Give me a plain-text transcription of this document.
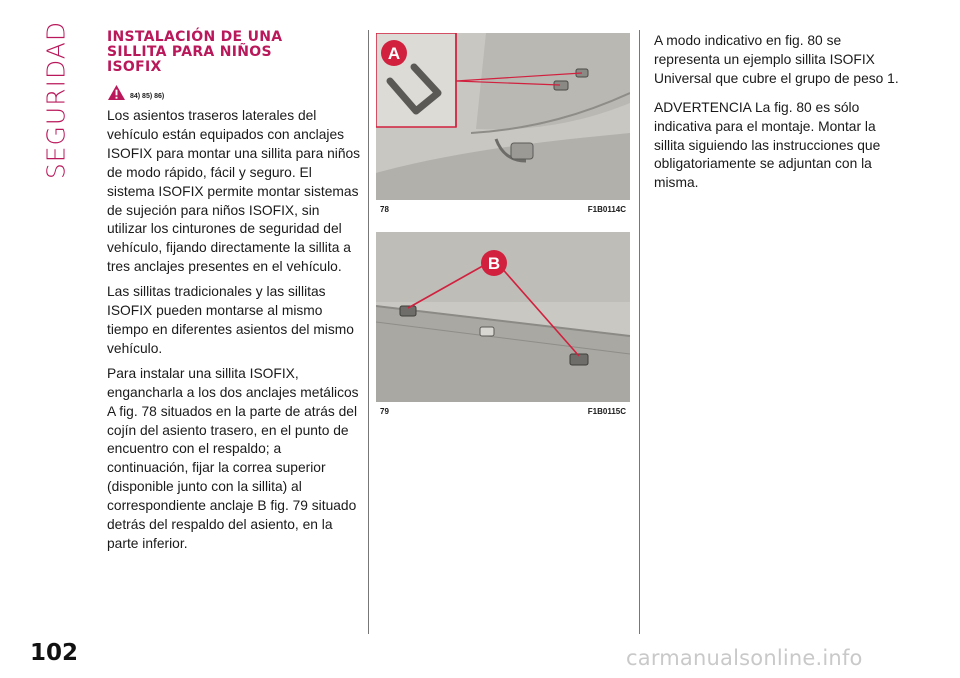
SEGURIDAD	INSTALACIÓN DE UNA
SILLITA PARA NIÑOS
ISOFIX
84) 85) 86)

Los asientos traseros laterales del vehículo están equipados con anclajes ISOFIX para montar una sillita para niños de modo rápido, fácil y seguro. El sistema ISOFIX permite montar sistemas de sujeción para niños ISOFIX, sin utilizar los cinturones de seguridad del vehículo, fijando directamente la sillita a tres anclajes presentes en el vehículo.

Las sillitas tradicionales y las sillitas ISOFIX pueden montarse al mismo tiempo en diferentes asientos del mismo vehículo.

Para instalar una sillita ISOFIX, engancharla a los dos anclajes metálicos A fig. 78 situados en la parte de atrás del cojín del asiento trasero, en el punto de encuentro con el respaldo; a continuación, fijar la correa superior (disponible junto con la sillita) al correspondiente anclaje B fig. 79 situado detrás del respaldo del asiento, en la parte inferior.

A
78	F1B0114C
B
79	F1B0115C

A modo indicativo en fig. 80 se representa un ejemplo sillita ISOFIX Universal que cubre el grupo de peso 1.

ADVERTENCIA La fig. 80 es sólo indicativa para el montaje. Montar la sillita siguiendo las instrucciones que obligatoriamente se adjuntan con la misma.

102	carmanualsonline.info
